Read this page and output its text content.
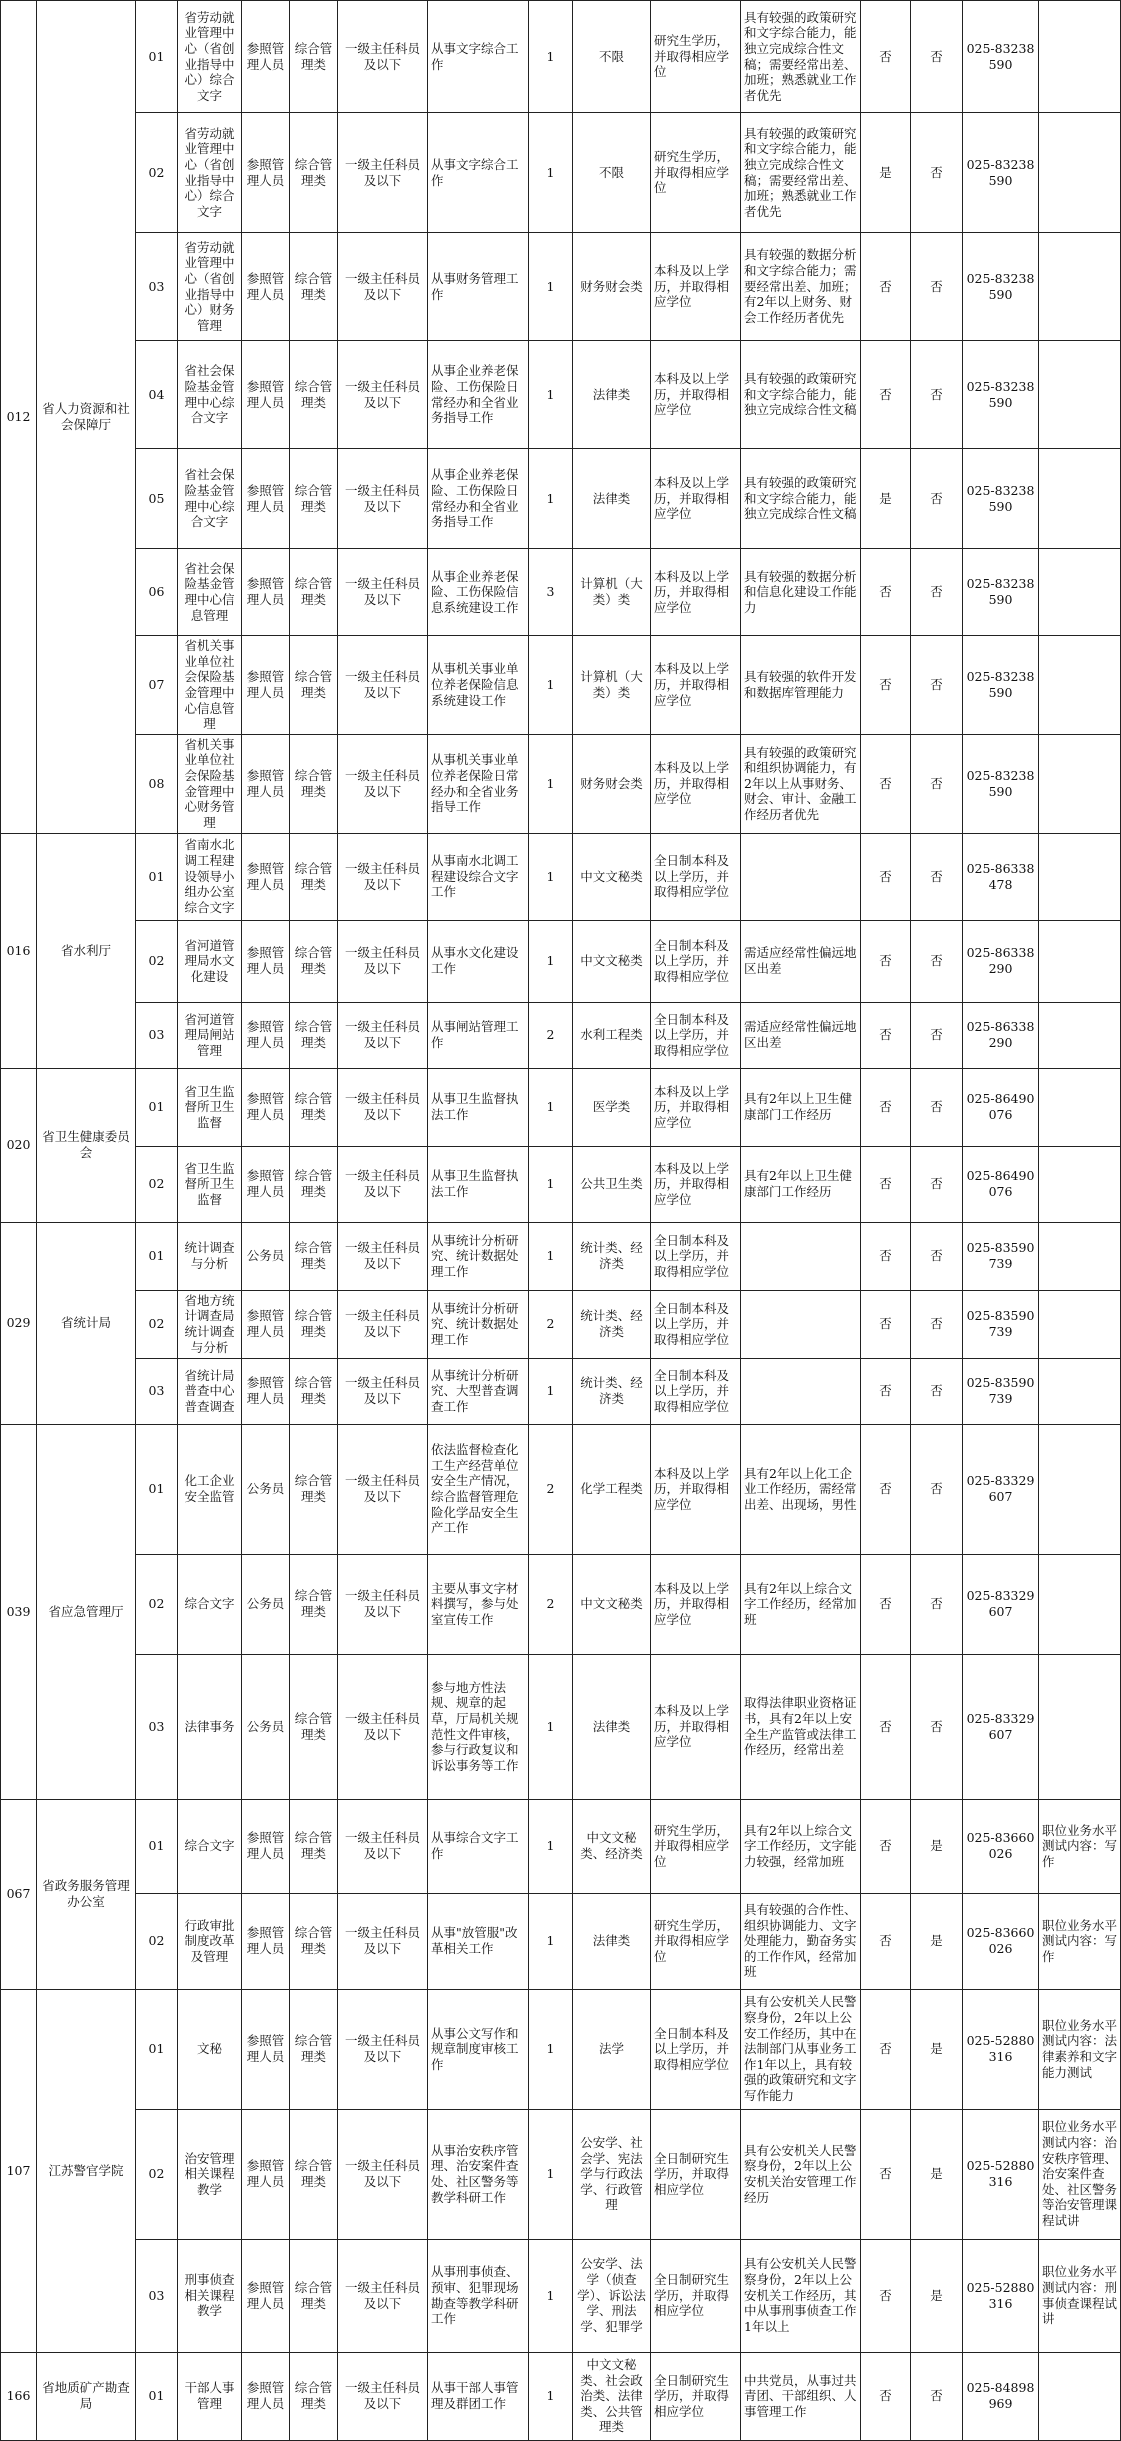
012	省人力资源和社会保障厅	01	省劳动就业管理中心（省创业指导中心）综合文字	参照管理人员	综合管理类	一级主任科员及以下	从事文字综合工作	1	不限	研究生学历，并取得相应学位	具有较强的政策研究和文字综合能力，能独立完成综合性文稿；需要经常出差、加班；熟悉就业工作者优先	否	否	025-83238590	
		02	省劳动就业管理中心（省创业指导中心）综合文字	参照管理人员	综合管理类	一级主任科员及以下	从事文字综合工作	1	不限	研究生学历，并取得相应学位	具有较强的政策研究和文字综合能力，能独立完成综合性文稿；需要经常出差、加班；熟悉就业工作者优先	是	否	025-83238590	
		03	省劳动就业管理中心（省创业指导中心）财务管理	参照管理人员	综合管理类	一级主任科员及以下	从事财务管理工作	1	财务财会类	本科及以上学历，并取得相应学位	具有较强的数据分析和文字综合能力；需要经常出差、加班；有2年以上财务、财会工作经历者优先	否	否	025-83238590	
		04	省社会保险基金管理中心综合文字	参照管理人员	综合管理类	一级主任科员及以下	从事企业养老保险、工伤保险日常经办和全省业务指导工作	1	法律类	本科及以上学历，并取得相应学位	具有较强的政策研究和文字综合能力，能独立完成综合性文稿	否	否	025-83238590	
		05	省社会保险基金管理中心综合文字	参照管理人员	综合管理类	一级主任科员及以下	从事企业养老保险、工伤保险日常经办和全省业务指导工作	1	法律类	本科及以上学历，并取得相应学位	具有较强的政策研究和文字综合能力，能独立完成综合性文稿	是	否	025-83238590	
		06	省社会保险基金管理中心信息管理	参照管理人员	综合管理类	一级主任科员及以下	从事企业养老保险、工伤保险信息系统建设工作	3	计算机（大类）类	本科及以上学历，并取得相应学位	具有较强的数据分析和信息化建设工作能力	否	否	025-83238590	
		07	省机关事业单位社会保险基金管理中心信息管理	参照管理人员	综合管理类	一级主任科员及以下	从事机关事业单位养老保险信息系统建设工作	1	计算机（大类）类	本科及以上学历，并取得相应学位	具有较强的软件开发和数据库管理能力	否	否	025-83238590	
		08	省机关事业单位社会保险基金管理中心财务管理	参照管理人员	综合管理类	一级主任科员及以下	从事机关事业单位养老保险日常经办和全省业务指导工作	1	财务财会类	本科及以上学历，并取得相应学位	具有较强的政策研究和组织协调能力，有2年以上从事财务、财会、审计、金融工作经历者优先	否	否	025-83238590	
016	省水利厅	01	省南水北调工程建设领导小组办公室综合文字	参照管理人员	综合管理类	一级主任科员及以下	从事南水北调工程建设综合文字工作	1	中文文秘类	全日制本科及以上学历，并取得相应学位		否	否	025-86338478	
		02	省河道管理局水文化建设	参照管理人员	综合管理类	一级主任科员及以下	从事水文化建设工作	1	中文文秘类	全日制本科及以上学历，并取得相应学位	需适应经常性偏远地区出差	否	否	025-86338290	
		03	省河道管理局闸站管理	参照管理人员	综合管理类	一级主任科员及以下	从事闸站管理工作	2	水利工程类	全日制本科及以上学历，并取得相应学位	需适应经常性偏远地区出差	否	否	025-86338290	
020	省卫生健康委员会	01	省卫生监督所卫生监督	参照管理人员	综合管理类	一级主任科员及以下	从事卫生监督执法工作	1	医学类	本科及以上学历，并取得相应学位	具有2年以上卫生健康部门工作经历	否	否	025-86490076	
		02	省卫生监督所卫生监督	参照管理人员	综合管理类	一级主任科员及以下	从事卫生监督执法工作	1	公共卫生类	本科及以上学历，并取得相应学位	具有2年以上卫生健康部门工作经历	否	否	025-86490076	
029	省统计局	01	统计调查与分析	公务员	综合管理类	一级主任科员及以下	从事统计分析研究、统计数据处理工作	1	统计类、经济类	全日制本科及以上学历，并取得相应学位		否	否	025-83590739	
		02	省地方统计调查局统计调查与分析	参照管理人员	综合管理类	一级主任科员及以下	从事统计分析研究、统计数据处理工作	2	统计类、经济类	全日制本科及以上学历，并取得相应学位		否	否	025-83590739	
		03	省统计局普查中心普查调查	参照管理人员	综合管理类	一级主任科员及以下	从事统计分析研究、大型普查调查工作	1	统计类、经济类	全日制本科及以上学历，并取得相应学位		否	否	025-83590739	
039	省应急管理厅	01	化工企业安全监管	公务员	综合管理类	一级主任科员及以下	依法监督检查化工生产经营单位安全生产情况，综合监督管理危险化学品安全生产工作	2	化学工程类	本科及以上学历，并取得相应学位	具有2年以上化工企业工作经历，需经常出差、出现场，男性	否	否	025-83329607	
		02	综合文字	公务员	综合管理类	一级主任科员及以下	主要从事文字材料撰写，参与处室宣传工作	2	中文文秘类	本科及以上学历，并取得相应学位	具有2年以上综合文字工作经历，经常加班	否	否	025-83329607	
		03	法律事务	公务员	综合管理类	一级主任科员及以下	参与地方性法规、规章的起草，厅局机关规范性文件审核，参与行政复议和诉讼事务等工作	1	法律类	本科及以上学历，并取得相应学位	取得法律职业资格证书，具有2年以上安全生产监管或法律工作经历，经常出差	否	否	025-83329607	
067	省政务服务管理办公室	01	综合文字	参照管理人员	综合管理类	一级主任科员及以下	从事综合文字工作	1	中文文秘类、经济类	研究生学历，并取得相应学位	具有2年以上综合文字工作经历，文字能力较强，经常加班	否	是	025-83660026	职位业务水平测试内容：写作
		02	行政审批制度改革及管理	参照管理人员	综合管理类	一级主任科员及以下	从事"放管服"改革相关工作	1	法律类	研究生学历，并取得相应学位	具有较强的合作性、组织协调能力、文字处理能力，勤奋务实的工作作风，经常加班	否	是	025-83660026	职位业务水平测试内容：写作
107	江苏警官学院	01	文秘	参照管理人员	综合管理类	一级主任科员及以下	从事公文写作和规章制度审核工作	1	法学	全日制本科及以上学历，并取得相应学位	具有公安机关人民警察身份，2年以上公安工作经历，其中在法制部门从事业务工作1年以上，具有较强的政策研究和文字写作能力	否	是	025-52880316	职位业务水平测试内容：法律素养和文字能力测试
		02	治安管理相关课程教学	参照管理人员	综合管理类	一级主任科员及以下	从事治安秩序管理、治安案件查处、社区警务等教学科研工作	1	公安学、社会学、宪法学与行政法学、行政管理	全日制研究生学历，并取得相应学位	具有公安机关人民警察身份，2年以上公安机关治安管理工作经历	否	是	025-52880316	职位业务水平测试内容：治安秩序管理、治安案件查处、社区警务等治安管理课程试讲
		03	刑事侦查相关课程教学	参照管理人员	综合管理类	一级主任科员及以下	从事刑事侦查、预审、犯罪现场勘查等教学科研工作	1	公安学、法学（侦查学）、诉讼法学、刑法学、犯罪学	全日制研究生学历，并取得相应学位	具有公安机关人民警察身份，2年以上公安机关工作经历，其中从事刑事侦查工作1年以上	否	是	025-52880316	职位业务水平测试内容：刑事侦查课程试讲
166	省地质矿产勘查局	01	干部人事管理	参照管理人员	综合管理类	一级主任科员及以下	从事干部人事管理及群团工作	1	中文文秘类、社会政治类、法律类、公共管理类	全日制研究生学历，并取得相应学位	中共党员，从事过共青团、干部组织、人事管理工作	否	否	025-84898969	
